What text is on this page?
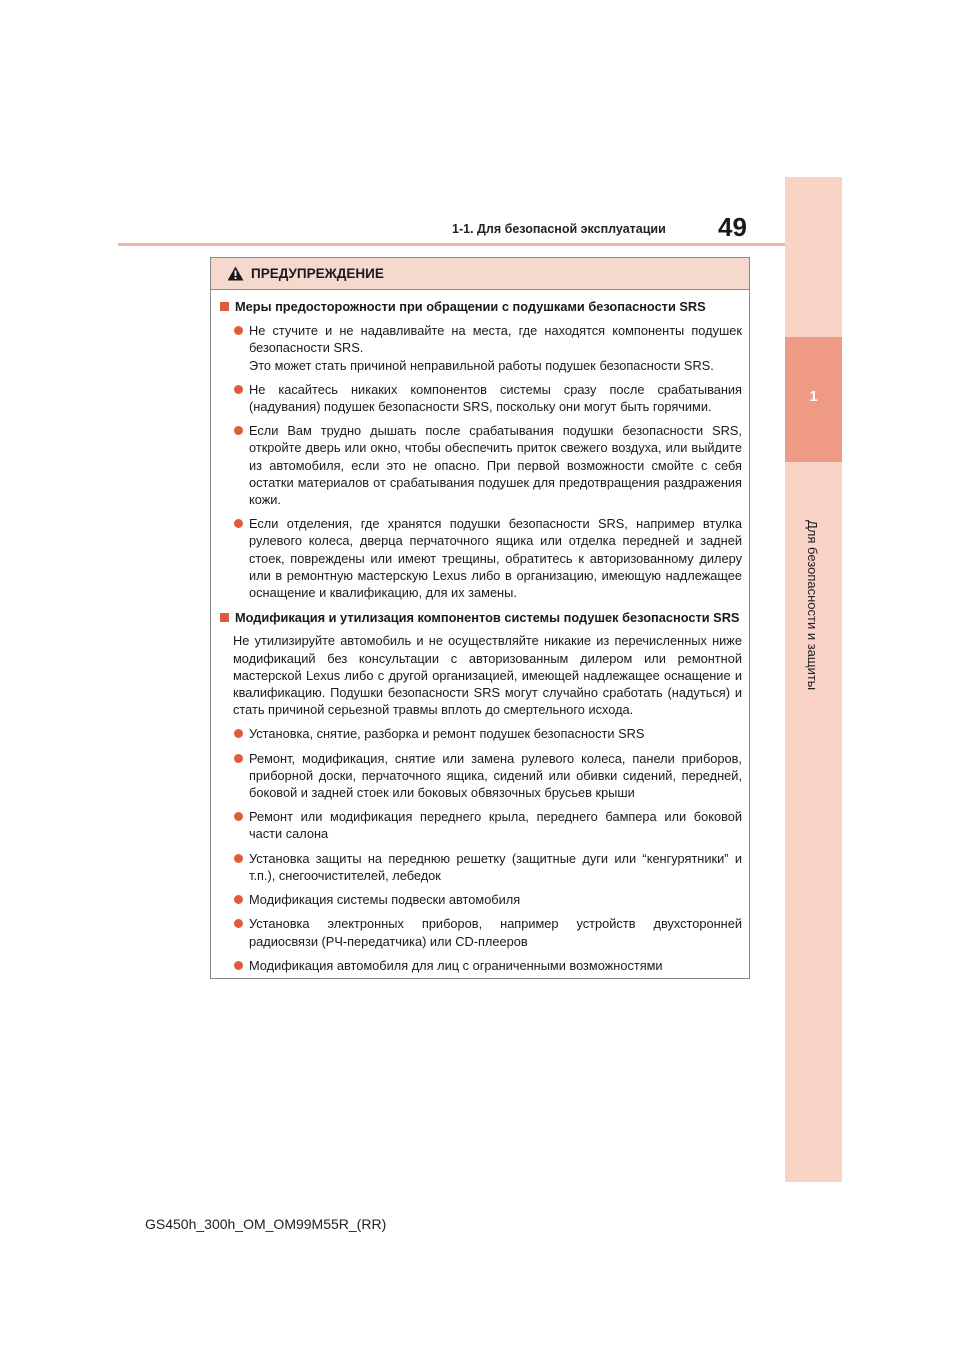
1
Для безопасности и защиты
1-1. Для безопасной эксплуатации 49
ПРЕДУПРЕЖДЕНИЕ
Меры предосторожности при обращении с подушками безопасности SRS
Не стучите и не надавливайте на места, где находятся компоненты подушек безопасности SRS.
Это может стать причиной неправильной работы подушек безопасности SRS.
Не касайтесь никаких компонентов системы сразу после срабатывания (надувания) подушек безопасности SRS, поскольку они могут быть горячими.
Если Вам трудно дышать после срабатывания подушки безопасности SRS, откройте дверь или окно, чтобы обеспечить приток свежего воздуха, или выйдите из автомобиля, если это не опасно. При первой возможности смойте с себя остатки материалов от срабатывания подушек для предотвращения раздражения кожи.
Если отделения, где хранятся подушки безопасности SRS, например втулка рулевого колеса, дверца перчаточного ящика или отделка передней и задней стоек, повреждены или имеют трещины, обратитесь к авторизованному дилеру или в ремонтную мастерскую Lexus либо в организацию, имеющую надлежащее оснащение и квалификацию, для их замены.
Модификация и утилизация компонентов системы подушек безопасности SRS
Не утилизируйте автомобиль и не осуществляйте никакие из перечисленных ниже модификаций без консультации с авторизованным дилером или ремонтной мастерской Lexus либо с другой организацией, имеющей надлежащее оснащение и квалификацию. Подушки безопасности SRS могут случайно сработать (надуться) и стать причиной серьезной травмы вплоть до смертельного исхода.
Установка, снятие, разборка и ремонт подушек безопасности SRS
Ремонт, модификация, снятие или замена рулевого колеса, панели приборов, приборной доски, перчаточного ящика, сидений или обивки сидений, передней, боковой и задней стоек или боковых обвязочных брусьев крыши
Ремонт или модификация переднего крыла, переднего бампера или боковой части салона
Установка защиты на переднюю решетку (защитные дуги или “кенгурятники” и т.п.), снегоочистителей, лебедок
Модификация системы подвески автомобиля
Установка электронных приборов, например устройств двухсторонней радиосвязи (РЧ-передатчика) или CD-плееров
Модификация автомобиля для лиц с ограниченными возможностями
GS450h_300h_OM_OM99M55R_(RR)
